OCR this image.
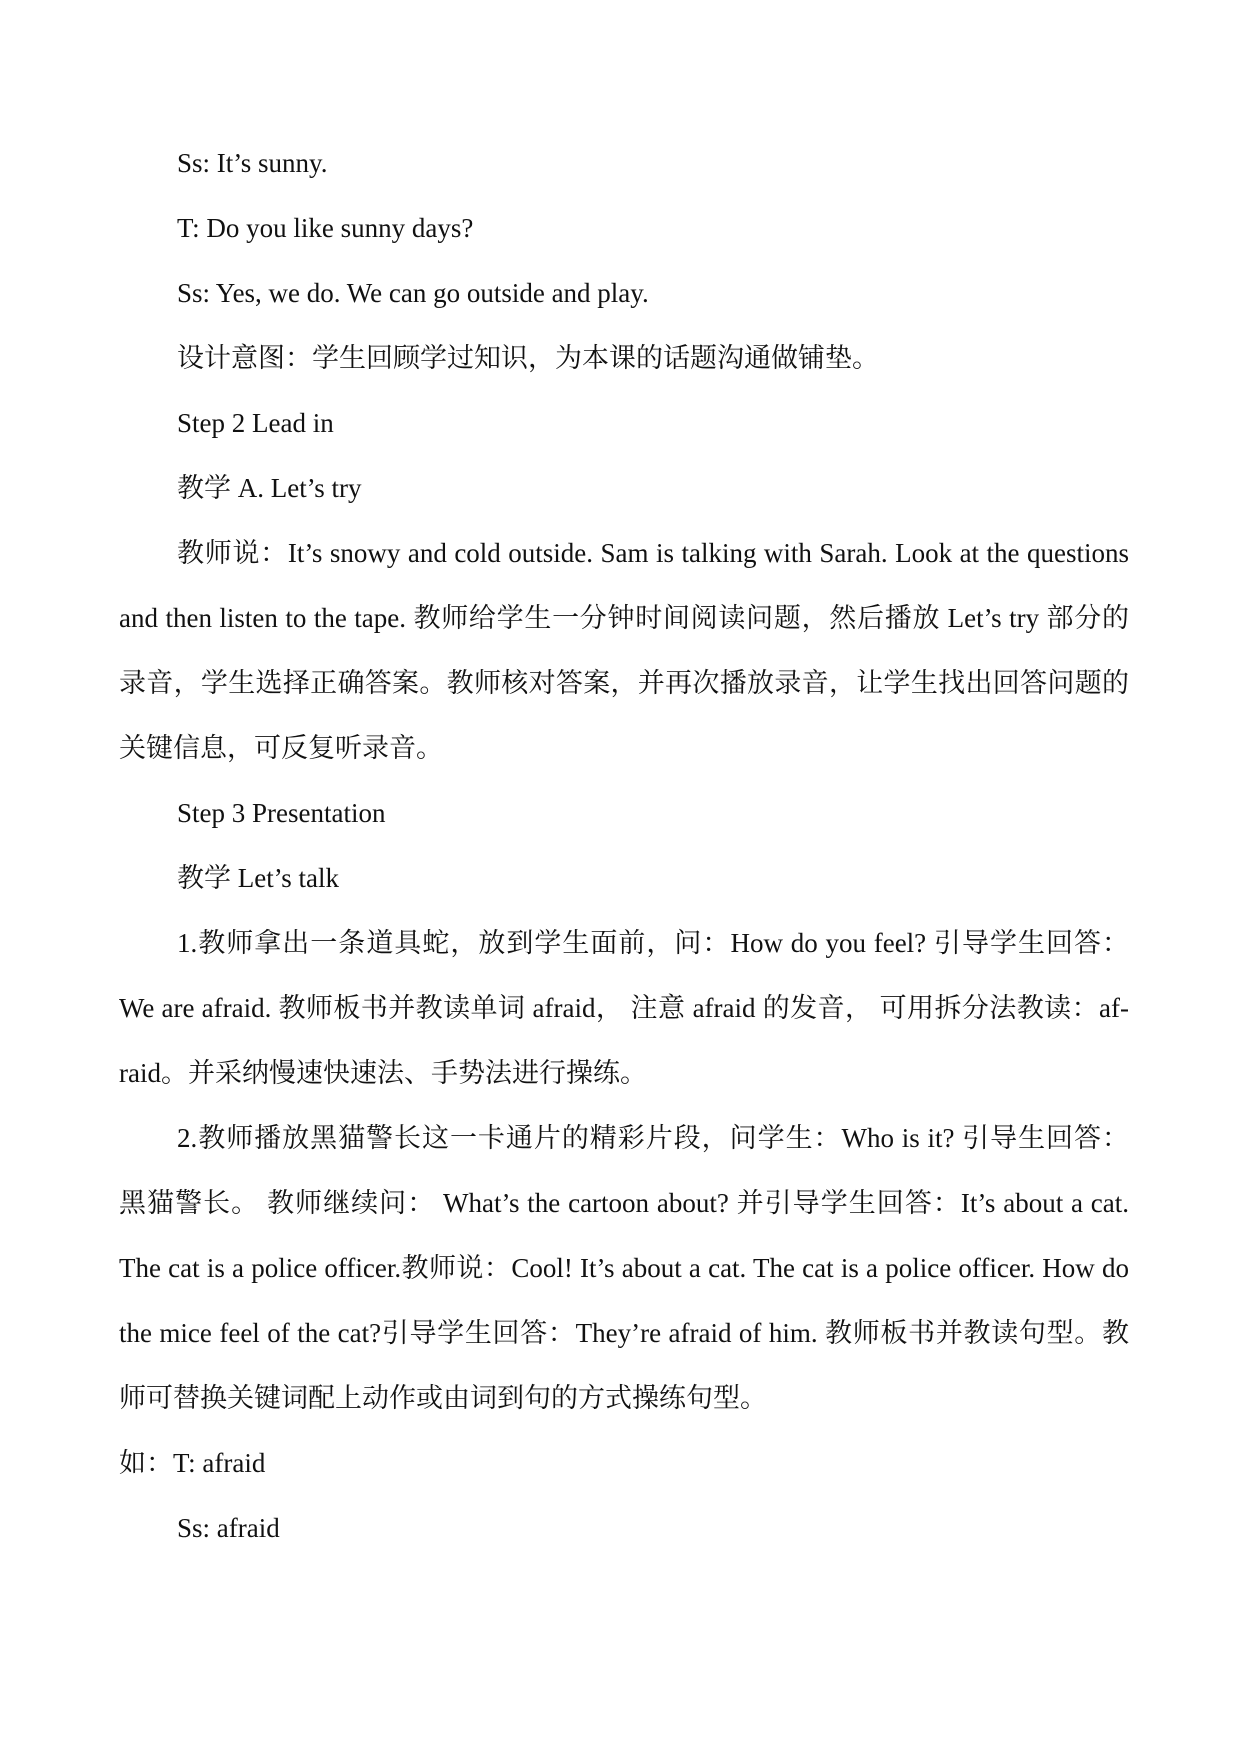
Ss: It’s sunny.

T: Do you like sunny days?

Ss: Yes, we do. We can go outside and play.

设计意图：学生回顾学过知识，为本课的话题沟通做铺垫。

Step 2 Lead in

教学 A. Let’s try

教师说：It’s snowy and cold outside. Sam is talking with Sarah. Look at the questions and then listen to the tape. 教师给学生一分钟时间阅读问题，然后播放 Let’s try 部分的录音，学生选择正确答案。教师核对答案，并再次播放录音，让学生找出回答问题的关键信息，可反复听录音。

Step 3 Presentation

教学 Let’s talk

1.教师拿出一条道具蛇，放到学生面前，问：How do you feel? 引导学生回答：We are afraid. 教师板书并教读单词 afraid， 注意 afraid 的发音， 可用拆分法教读：af-raid。并采纳慢速快速法、手势法进行操练。

2.教师播放黑猫警长这一卡通片的精彩片段，问学生：Who is it? 引导生回答： 黑猫警长。 教师继续问： What’s the cartoon about? 并引导学生回答：It’s about a cat. The cat is a police officer.教师说：Cool! It’s about a cat. The cat is a police officer. How do the mice feel of the cat?引导学生回答：They’re afraid of him. 教师板书并教读句型。教师可替换关键词配上动作或由词到句的方式操练句型。

如：T: afraid

Ss: afraid
